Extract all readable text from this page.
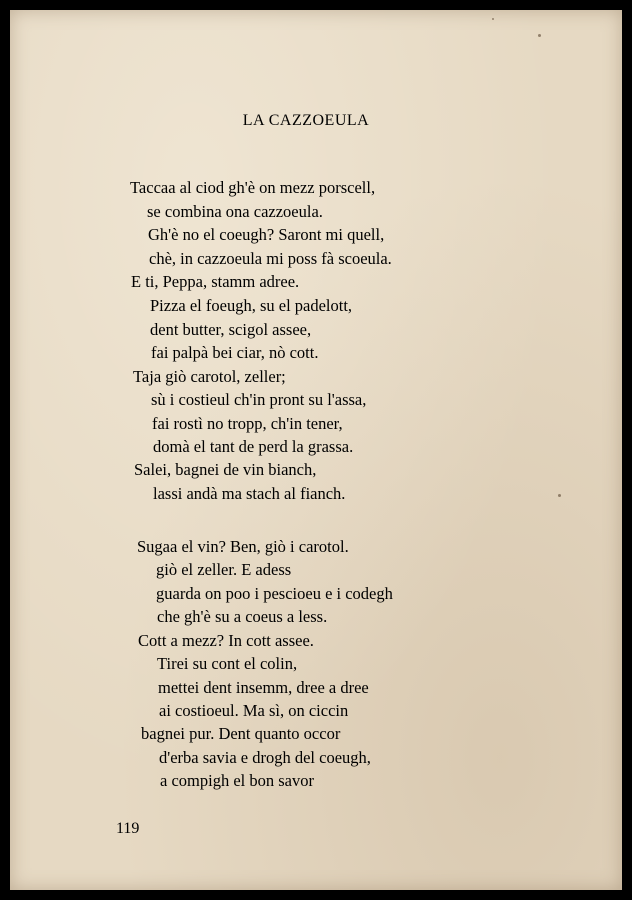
LA CAZZOEULA
Taccaa al ciod gh'è on mezz porscell,
se combina ona cazzoeula.
Gh'è no el coeugh? Saront mi quell,
chè, in cazzoeula mi poss fà scoeula.
E ti, Peppa, stamm adree.
Pizza el foeugh, su el padelott,
dent butter, scigol assee,
fai palpà bei ciar, nò cott.
Taja giò carotol, zeller;
sù i costieul ch'in pront su l'assa,
fai rostì no tropp, ch'in tener,
domà el tant de perd la grassa.
Salei, bagnei de vin bianch,
lassi andà ma stach al fianch.
Sugaa el vin? Ben, giò i carotol.
giò el zeller. E adess
guarda on poo i pescioeu e i codegh
che gh'è su a coeus a less.
Cott a mezz? In cott assee.
Tirei su cont el colin,
mettei dent insemm, dree a dree
ai costioeul. Ma sì, on ciccin
bagnei pur. Dent quanto occor
d'erba savia e drogh del coeugh,
a compigh el bon savor
119
